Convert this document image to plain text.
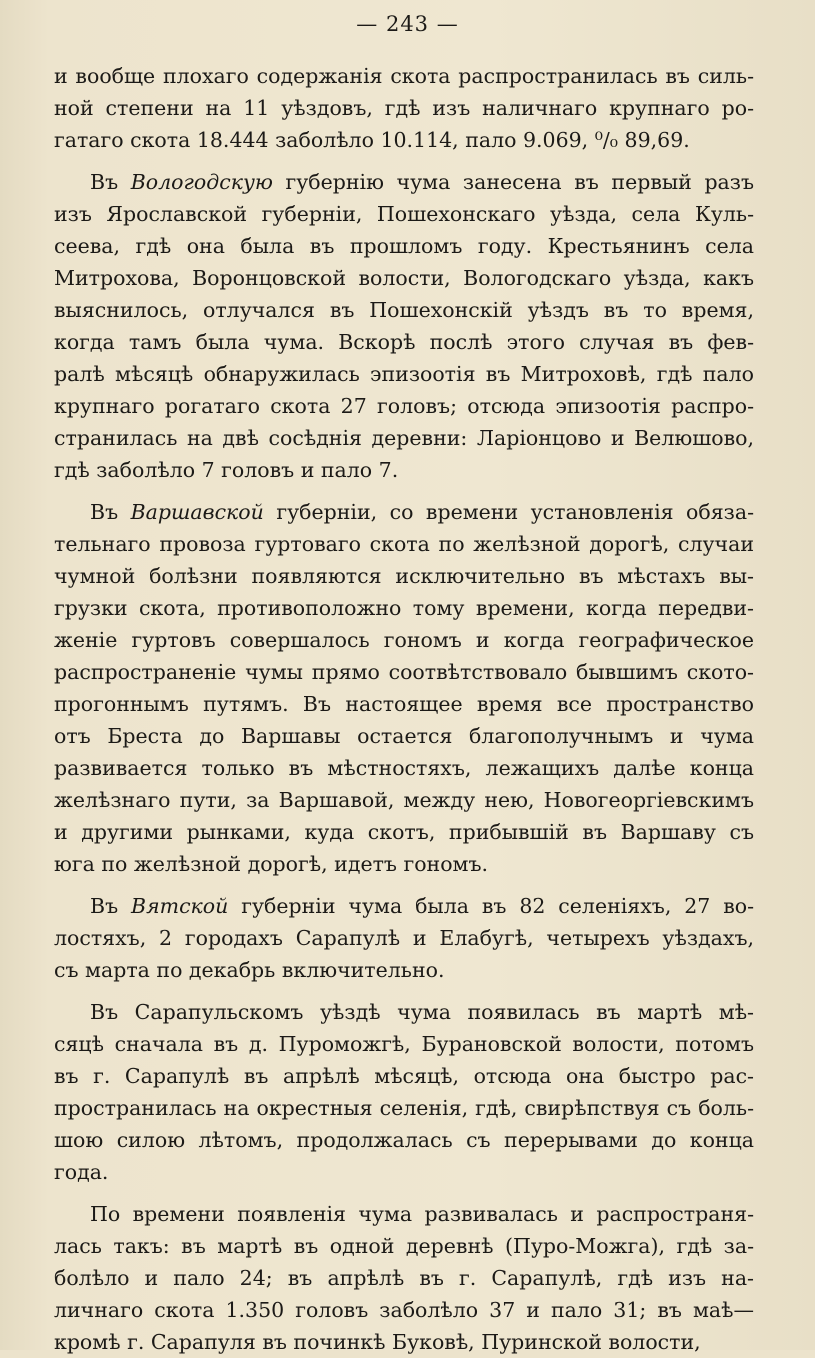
— 243 —
и вообще плохаго содержанія скота распространилась въ силь-
ной степени на 11 уѣздовъ, гдѣ изъ наличнаго крупнаго ро-
гатаго скота 18.444 заболѣло 10.114, пало 9.069, ⁰/₀ 89,69.
Въ Вологодскую губернію чума занесена въ первый разъ
изъ Ярославской губерніи, Пошехонскаго уѣзда, села Куль-
сеева, гдѣ она была въ прошломъ году. Крестьянинъ села
Митрохова, Воронцовской волости, Вологодскаго уѣзда, какъ
выяснилось, отлучался въ Пошехонскій уѣздъ въ то время,
когда тамъ была чума. Вскорѣ послѣ этого случая въ фев-
ралѣ мѣсяцѣ обнаружилась эпизоотія въ Митроховѣ, гдѣ пало
крупнаго рогатаго скота 27 головъ; отсюда эпизоотія распро-
странилась на двѣ сосѣднія деревни: Ларіонцово и Велюшово,
гдѣ заболѣло 7 головъ и пало 7.
Въ Варшавской губерніи, со времени установленія обяза-
тельнаго провоза гуртоваго скота по желѣзной дорогѣ, случаи
чумной болѣзни появляются исключительно въ мѣстахъ вы-
грузки скота, противоположно тому времени, когда передви-
женіе гуртовъ совершалось гономъ и когда географическое
распространеніе чумы прямо соотвѣтствовало бывшимъ ското-
прогоннымъ путямъ. Въ настоящее время все пространство
отъ Бреста до Варшавы остается благополучнымъ и чума
развивается только въ мѣстностяхъ, лежащихъ далѣе конца
желѣзнаго пути, за Варшавой, между нею, Новогеоргіевскимъ
и другими рынками, куда скотъ, прибывшій въ Варшаву съ
юга по желѣзной дорогѣ, идетъ гономъ.
Въ Вятской губерніи чума была въ 82 селеніяхъ, 27 во-
лостяхъ, 2 городахъ Сарапулѣ и Елабугѣ, четырехъ уѣздахъ,
съ марта по декабрь включительно.
Въ Сарапульскомъ уѣздѣ чума появилась въ мартѣ мѣ-
сяцѣ сначала въ д. Пуроможгѣ, Бурановской волости, потомъ
въ г. Сарапулѣ въ апрѣлѣ мѣсяцѣ, отсюда она быстро рас-
пространилась на окрестныя селенія, гдѣ, свирѣпствуя съ боль-
шою силою лѣтомъ, продолжалась съ перерывами до конца
года.
По времени появленія чума развивалась и распространя-
лась такъ: въ мартѣ въ одной деревнѣ (Пуро-Можга), гдѣ за-
болѣло и пало 24; въ апрѣлѣ въ г. Сарапулѣ, гдѣ изъ на-
личнаго скота 1.350 головъ заболѣло 37 и пало 31; въ маѣ—
кромѣ г. Сарапуля въ починкѣ Буковѣ, Пуринской волости,
